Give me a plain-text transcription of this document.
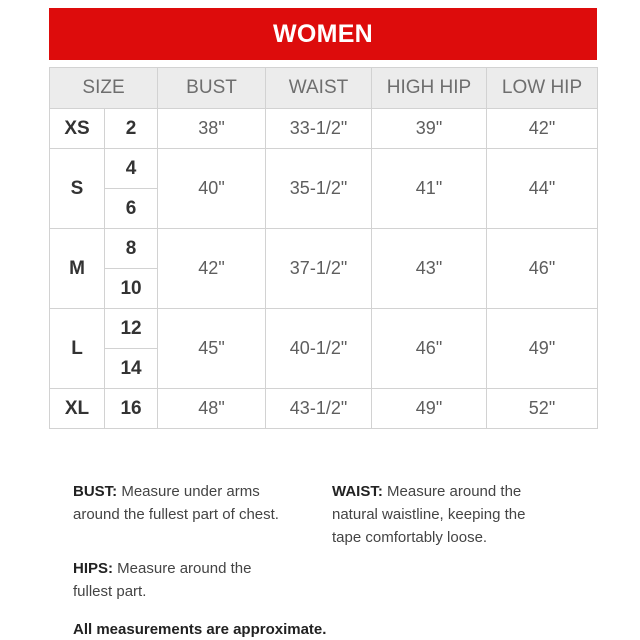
WOMEN
SIZE		BUST	WAIST	HIGH HIP	LOW HIP
XS	2	38"	33-1/2"	39"	42"
S	4	40"	35-1/2"	41"	44"
	6				
M	8	42"	37-1/2"	43"	46"
	10				
L	12	45"	40-1/2"	46"	49"
	14				
XL	16	48"	43-1/2"	49"	52"
BUST: Measure under arms
around the fullest part of chest.
WAIST: Measure around the
natural waistline, keeping the
tape comfortably loose.
HIPS: Measure around the
fullest part.
All measurements are approximate.
